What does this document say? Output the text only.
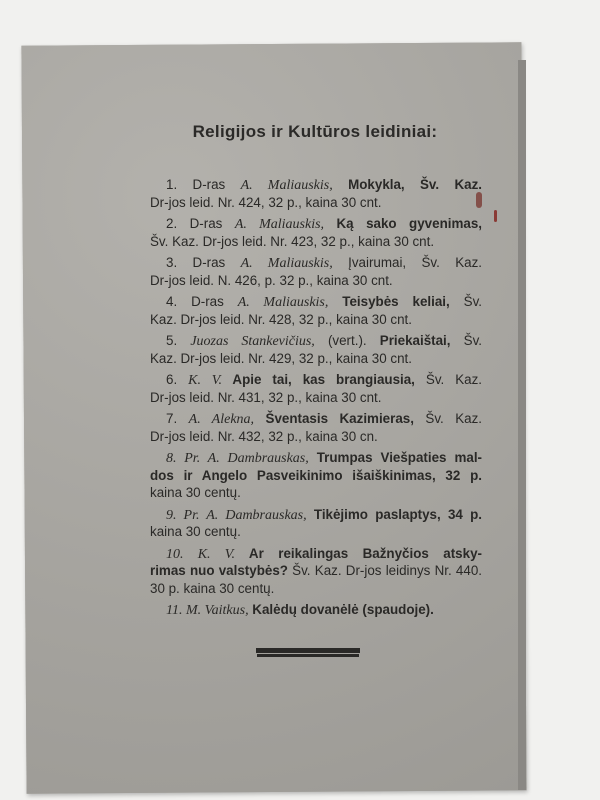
Religijos ir Kultūros leidiniai:
1. D-ras A. Maliauskis, Mokykla, Šv. Kaz.
Dr-jos leid. Nr. 424, 32 p., kaina 30 cnt.
2. D-ras A. Maliauskis, Ką sako gyvenimas,
Šv. Kaz. Dr-jos leid. Nr. 423, 32 p., kaina 30 cnt.
3. D-ras A. Maliauskis, Įvairumai, Šv. Kaz.
Dr-jos leid. N. 426, p. 32 p., kaina 30 cnt.
4. D-ras A. Maliauskis, Teisybės keliai, Šv.
Kaz. Dr-jos leid. Nr. 428, 32 p., kaina 30 cnt.
5. Juozas Stankevičius, (vert.). Priekaištai, Šv.
Kaz. Dr-jos leid. Nr. 429, 32 p., kaina 30 cnt.
6. K. V. Apie tai, kas brangiausia, Šv. Kaz.
Dr-jos leid. Nr. 431, 32 p., kaina 30 cnt.
7. A. Alekna, Šventasis Kazimieras, Šv. Kaz.
Dr-jos leid. Nr. 432, 32 p., kaina 30 cn.
8. Pr. A. Dambrauskas, Trumpas Viešpaties mal-
dos ir Angelo Pasveikinimo išaiškinimas, 32 p.
kaina 30 centų.
9. Pr. A. Dambrauskas, Tikėjimo paslaptys, 34 p.
kaina 30 centų.
10. K. V. Ar reikalingas Bažnyčios atsky-
rimas nuo valstybės? Šv. Kaz. Dr-jos leidinys Nr. 440.
30 p. kaina 30 centų.
11. M. Vaitkus, Kalėdų dovanėlė (spaudoje).
